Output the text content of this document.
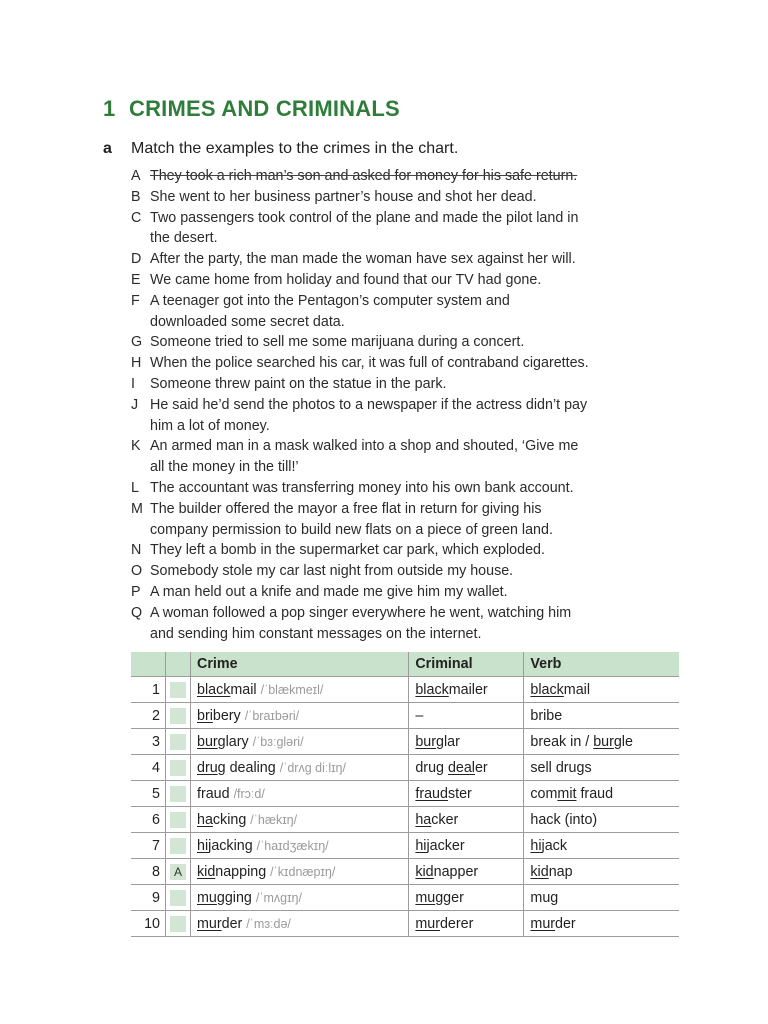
1 CRIMES AND CRIMINALS
a Match the examples to the crimes in the chart.
A They took a rich man’s son and asked for money for his safe return.
B She went to her business partner’s house and shot her dead.
C Two passengers took control of the plane and made the pilot land in
the desert.
D After the party, the man made the woman have sex against her will.
E We came home from holiday and found that our TV had gone.
F A teenager got into the Pentagon’s computer system and
downloaded some secret data.
G Someone tried to sell me some marijuana during a concert.
H When the police searched his car, it was full of contraband cigarettes.
I	Someone threw paint on the statue in the park.
J He said he’d send the photos to a newspaper if the actress didn’t pay
him a lot of money.
K An armed man in a mask walked into a shop and shouted, ‘Give me
all the money in the till!’
L The accountant was transferring money into his own bank account.
M The builder offered the mayor a free flat in return for giving his
company permission to build new flats on a piece of green land.
N They left a bomb in the supermarket car park, which exploded.
O Somebody stole my car last night from outside my house.
P A man held out a knife and made me give him my wallet.
Q A woman followed a pop singer everywhere he went, watching him
and sending him constant messages on the internet.
		Crime	Criminal	Verb
1		blackmail /ˈblækmeɪl/	blackmailer	blackmail
2		bribery /ˈbraɪbəri/	–	bribe
3		burglary /ˈbɜːgləri/	burglar	break in / burgle
4		drug dealing /ˈdrʌg diːlɪŋ/	drug dealer	sell drugs
5		fraud /frɔːd/	fraudster	commit fraud
6		hacking /ˈhækɪŋ/	hacker	hack (into)
7		hijacking /ˈhaɪdʒækɪŋ/	hijacker	hijack
8	A	kidnapping /ˈkɪdnæpɪŋ/	kidnapper	kidnap
9		mugging /ˈmʌgɪŋ/	mugger	mug
10		murder /ˈmɜːdə/	murderer	murder
